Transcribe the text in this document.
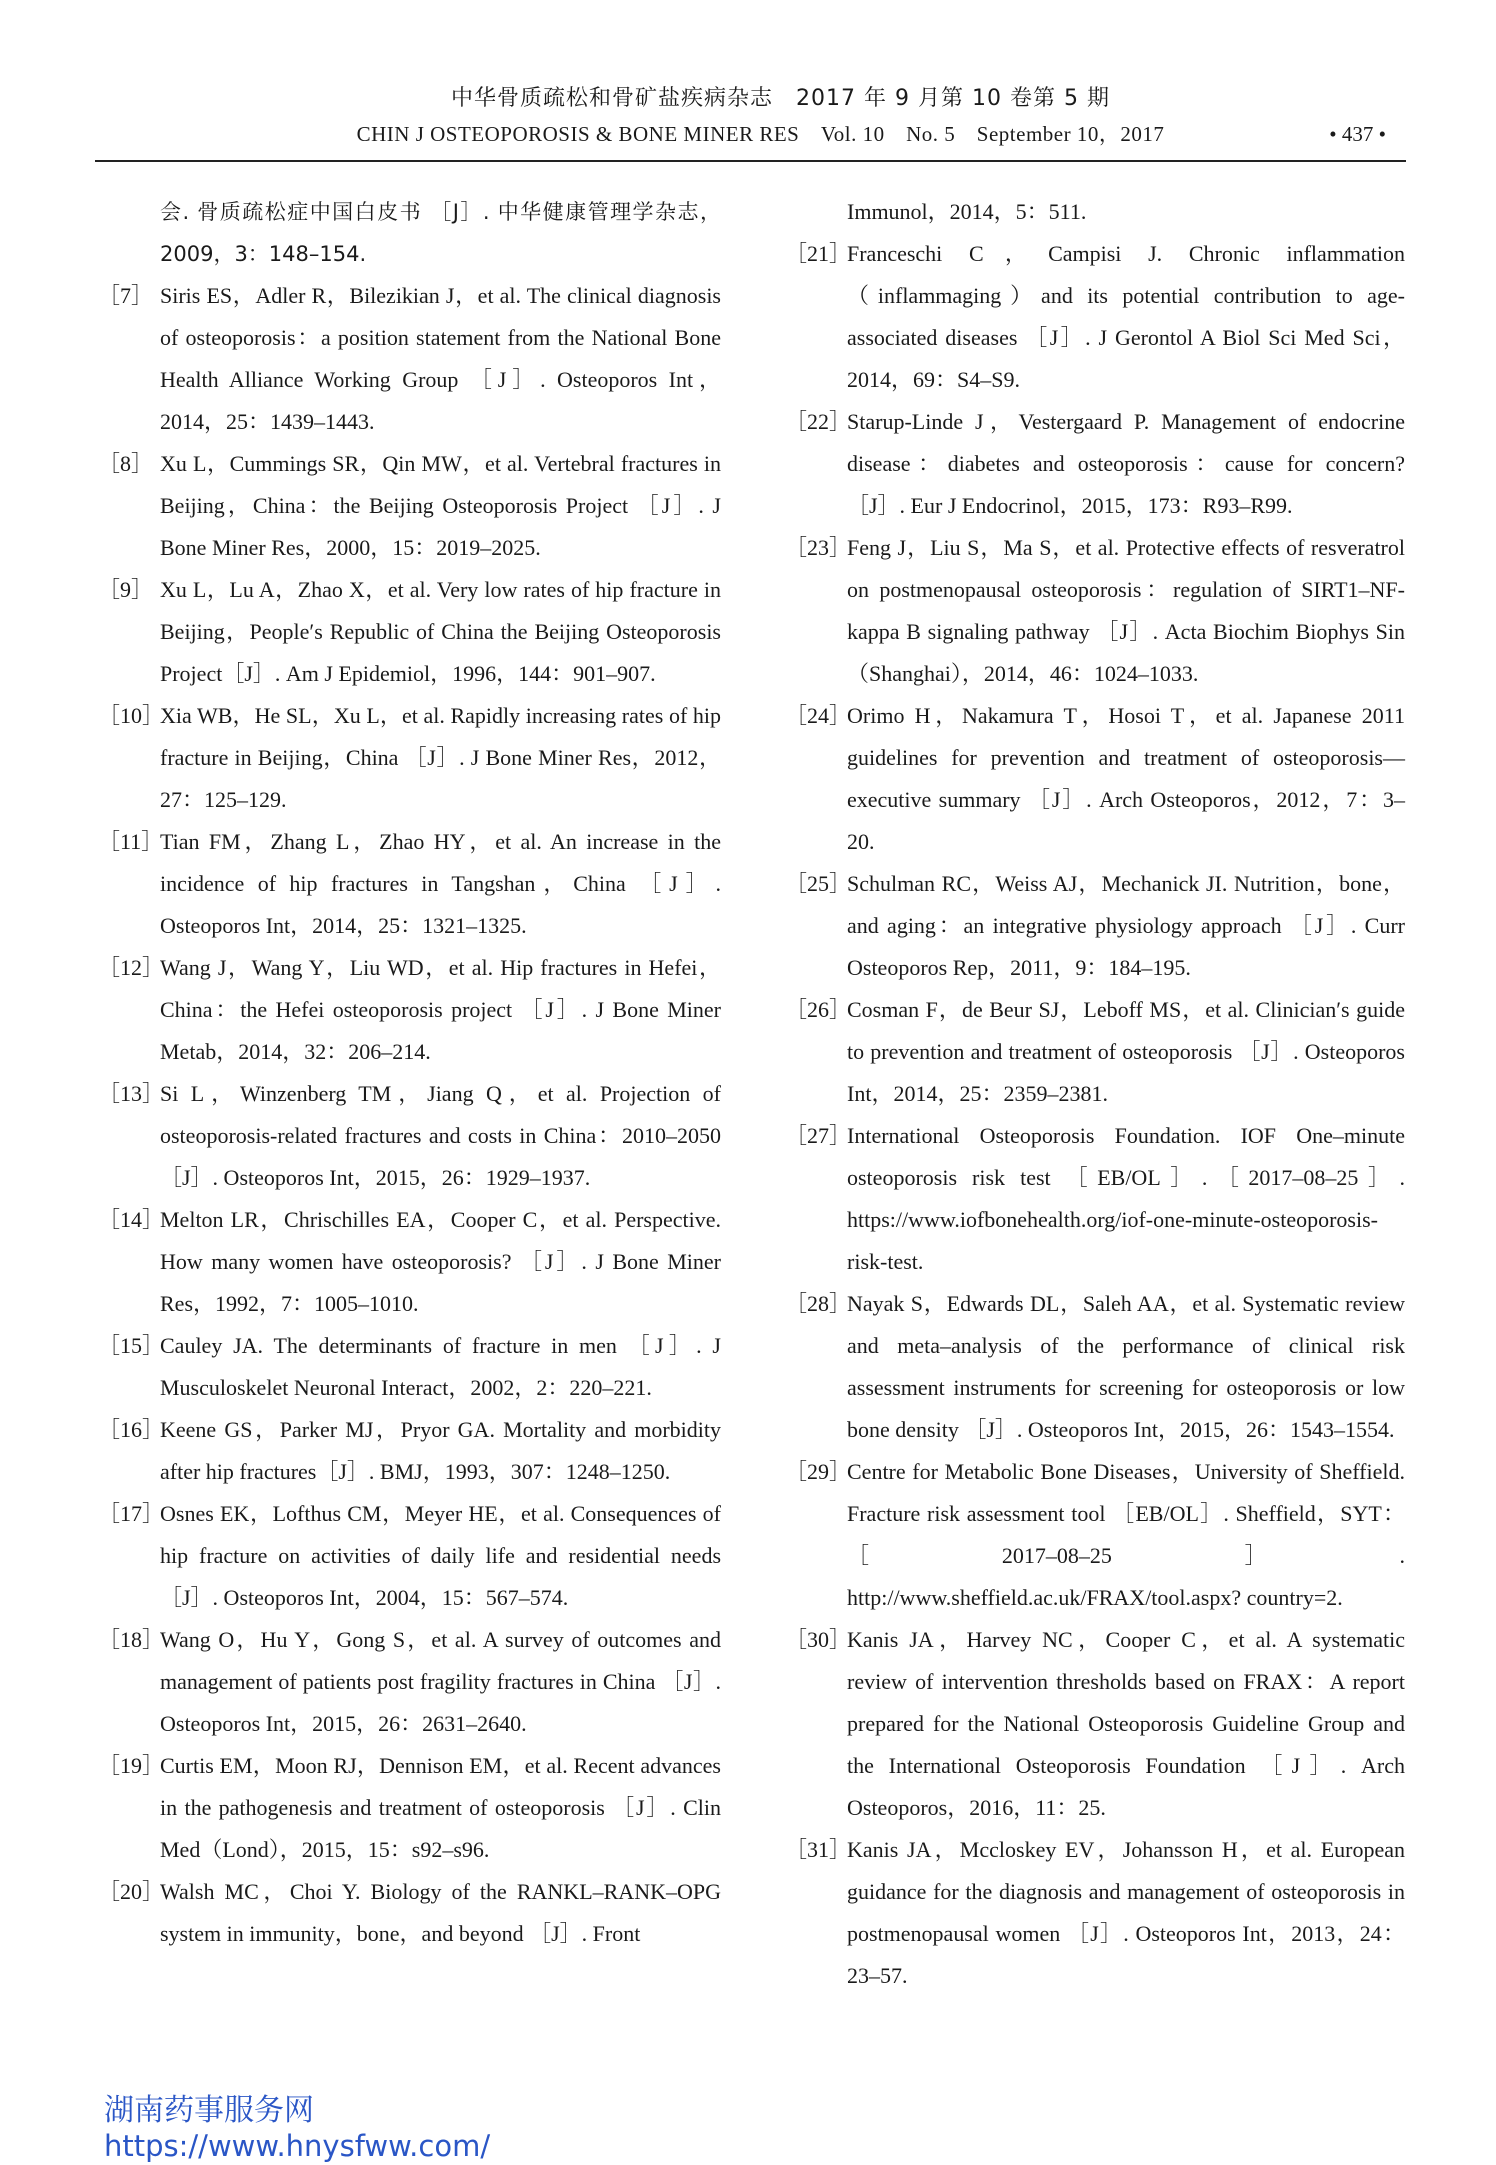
中华骨质疏松和骨矿盐疾病杂志　2017 年 9 月第 10 卷第 5 期
CHIN J OSTEOPOROSIS & BONE MINER RES　Vol. 10　No. 5　September 10，2017	• 437 •
会. 骨质疏松症中国白皮书 ［J］. 中华健康管理学杂志，2009，3：148–154.
［7］ Siris ES，Adler R，Bilezikian J，et al. The clinical diagnosis of osteoporosis：a position statement from the National Bone Health Alliance Working Group ［J］. Osteoporos Int，2014，25：1439–1443.
［8］ Xu L，Cummings SR，Qin MW，et al. Vertebral fractures in Beijing，China：the Beijing Osteoporosis Project ［J］. J Bone Miner Res，2000，15：2019–2025.
［9］ Xu L，Lu A，Zhao X，et al. Very low rates of hip fracture in Beijing，People′s Republic of China the Beijing Osteoporosis Project［J］. Am J Epidemiol，1996，144：901–907.
［10］
Xia WB，He SL，Xu L，et al. Rapidly increasing rates of hip fracture in Beijing，China ［J］. J Bone Miner Res，2012，27：125–129.
［11］
Tian FM，Zhang L，Zhao HY，et al. An increase in the incidence of hip fractures in Tangshan，China ［J］. Osteoporos Int，2014，25：1321–1325.
［12］
Wang J，Wang Y，Liu WD，et al. Hip fractures in Hefei，China：the Hefei osteoporosis project ［J］. J Bone Miner Metab，2014，32：206–214.
［13］
Si L，Winzenberg TM，Jiang Q，et al. Projection of osteoporosis-related fractures and costs in China：2010–2050 ［J］. Osteoporos Int，2015，26：1929–1937.
［14］
Melton LR，Chrischilles EA，Cooper C，et al. Perspective. How many women have osteoporosis? ［J］. J Bone Miner Res，1992，7：1005–1010.
［15］
Cauley JA. The determinants of fracture in men ［J］. J Musculoskelet Neuronal Interact，2002，2：220–221.
［16］
Keene GS，Parker MJ，Pryor GA. Mortality and morbidity after hip fractures［J］. BMJ，1993，307：1248–1250.
［17］
Osnes EK，Lofthus CM，Meyer HE，et al. Consequences of hip fracture on activities of daily life and residential needs ［J］. Osteoporos Int，2004，15：567–574.
［18］
Wang O，Hu Y，Gong S，et al. A survey of outcomes and management of patients post fragility fractures in China ［J］. Osteoporos Int，2015，26：2631–2640.
［19］
Curtis EM，Moon RJ，Dennison EM，et al. Recent advances in the pathogenesis and treatment of osteoporosis ［J］. Clin Med（Lond），2015，15：s92–s96.
［20］
Walsh MC，Choi Y. Biology of the RANKL–RANK–OPG system in immunity，bone，and beyond ［J］. Front
Immunol，2014，5：511.
［21］
Franceschi C，Campisi J. Chronic inflammation（inflammaging）and its potential contribution to age-associated diseases ［J］. J Gerontol A Biol Sci Med Sci，2014，69：S4–S9.
［22］
Starup-Linde J，Vestergaard P. Management of endocrine disease：diabetes and osteoporosis：cause for concern? ［J］. Eur J Endocrinol，2015，173：R93–R99.
［23］
Feng J，Liu S，Ma S，et al. Protective effects of resveratrol on postmenopausal osteoporosis：regulation of SIRT1–NF-kappa B signaling pathway ［J］. Acta Biochim Biophys Sin（Shanghai），2014，46：1024–1033.
［24］
Orimo H，Nakamura T，Hosoi T，et al. Japanese 2011 guidelines for prevention and treatment of osteoporosis—executive summary ［J］. Arch Osteoporos，2012，7：3–20.
［25］
Schulman RC，Weiss AJ，Mechanick JI. Nutrition，bone，and aging：an integrative physiology approach ［J］. Curr Osteoporos Rep，2011，9：184–195.
［26］
Cosman F，de Beur SJ，Leboff MS，et al. Clinician′s guide to prevention and treatment of osteoporosis ［J］. Osteoporos Int，2014，25：2359–2381.
［27］
International Osteoporosis Foundation. IOF One–minute osteoporosis risk test ［EB/OL］.［2017–08–25］. https://www.iofbonehealth.org/iof-one-minute-osteoporosis-risk-test.
［28］
Nayak S，Edwards DL，Saleh AA，et al. Systematic review and meta–analysis of the performance of clinical risk assessment instruments for screening for osteoporosis or low bone density ［J］. Osteoporos Int，2015，26：1543–1554.
［29］
Centre for Metabolic Bone Diseases，University of Sheffield. Fracture risk assessment tool ［EB/OL］. Sheffield，SYT：［2017–08–25］. http://www.sheffield.ac.uk/FRAX/tool.aspx? country=2.
［30］
Kanis JA，Harvey NC，Cooper C，et al. A systematic review of intervention thresholds based on FRAX：A report prepared for the National Osteoporosis Guideline Group and the International Osteoporosis Foundation ［J］. Arch Osteoporos，2016，11：25.
［31］
Kanis JA，Mccloskey EV，Johansson H，et al. European guidance for the diagnosis and management of osteoporosis in postmenopausal women ［J］. Osteoporos Int，2013，24：23–57.
湖南药事服务网
https://www.hnysfww.com/
